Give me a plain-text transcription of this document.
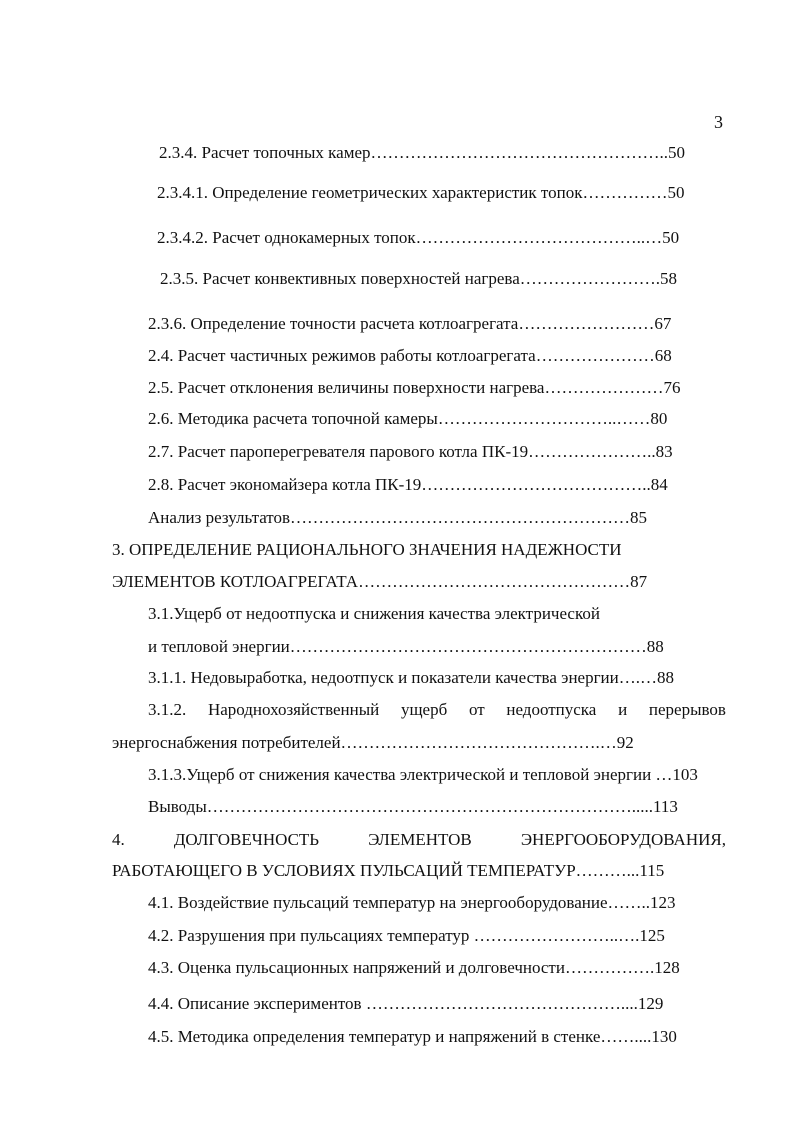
3
2.3.4. Расчет топочных камер……………………………………………..50
2.3.4.1. Определение геометрических характеристик топок……………50
2.3.4.2. Расчет однокамерных топок…………………………………..…50
2.3.5. Расчет конвективных поверхностей нагрева…………………….58
2.3.6. Определение точности расчета котлоагрегата……………………67
2.4. Расчет частичных режимов работы котлоагрегата…………………68
2.5. Расчет отклонения величины поверхности нагрева…………………76
2.6. Методика расчета топочной камеры…………………………..……80
2.7. Расчет пароперегревателя парового котла ПК-19…………………..83
2.8. Расчет экономайзера котла ПК-19…………………………………..84
Анализ результатов……………………………………………………85
3. ОПРЕДЕЛЕНИЕ РАЦИОНАЛЬНОГО ЗНАЧЕНИЯ НАДЕЖНОСТИ
ЭЛЕМЕНТОВ КОТЛОАГРЕГАТА…………………………………………87
3.1.Ущерб от недоотпуска и снижения качества электрической
и тепловой энергии………………………………………………………88
3.1.1. Недовыработка, недоотпуск и показатели качества энергии….…88
3.1.2. Народнохозяйственный ущерб от недоотпуска и перерывов
энергоснабжения потребителей……………………………………….…92
3.1.3.Ущерб от снижения качества электрической и тепловой энергии …103
Выводы………………………………………………………………….....113
4.	ДОЛГОВЕЧНОСТЬ	ЭЛЕМЕНТОВ	ЭНЕРГООБОРУДОВАНИЯ,
РАБОТАЮЩЕГО В УСЛОВИЯХ ПУЛЬСАЦИЙ ТЕМПЕРАТУР………...115
4.1. Воздействие пульсаций температур на энергооборудование……..123
4.2. Разрушения при пульсациях температур ……………………..….125
4.3. Оценка пульсационных напряжений и долговечности…………….128
4.4. Описание экспериментов ………………………………………....129
4.5. Методика определения температур и напряжений в стенке……....130
